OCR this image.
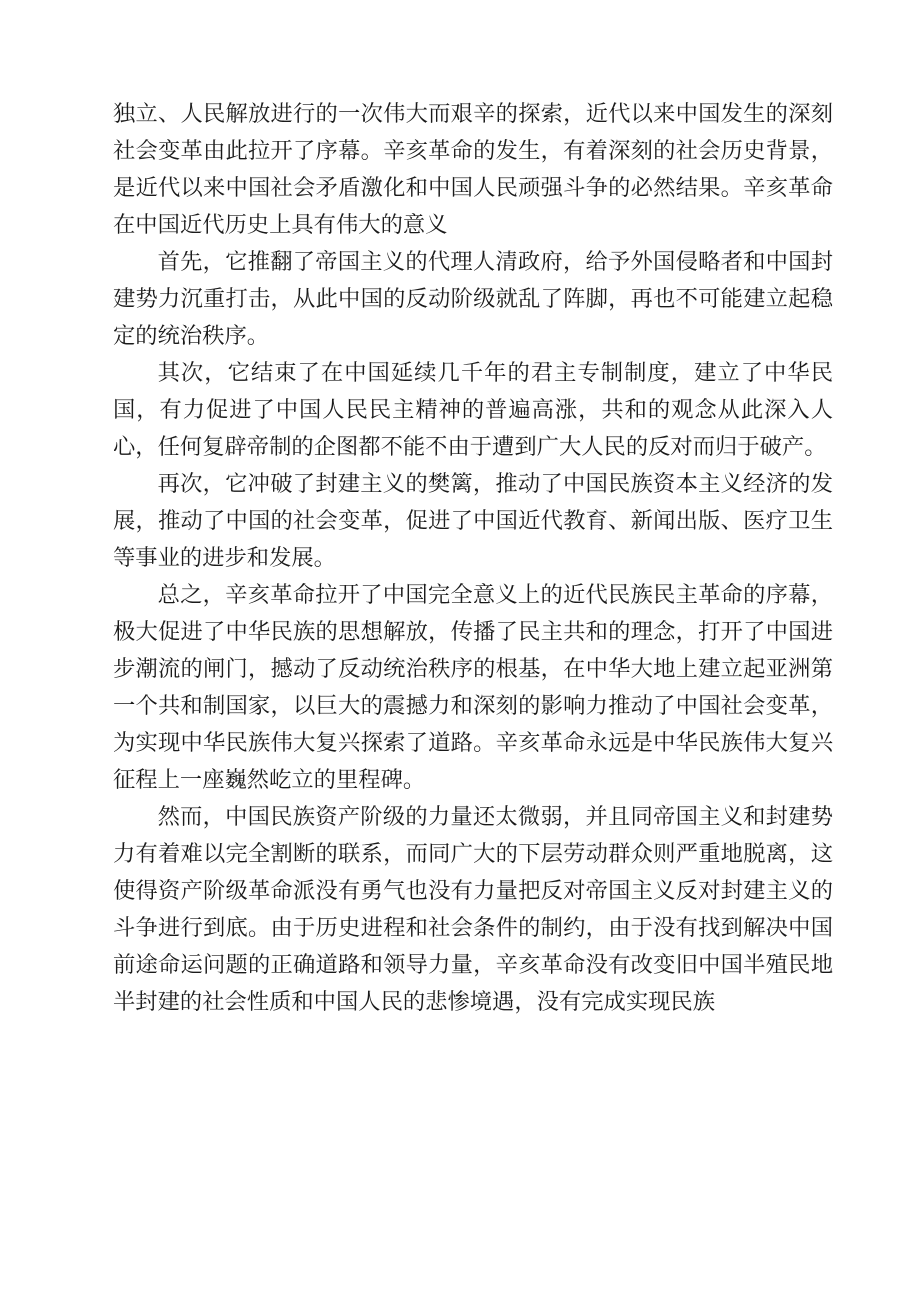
独立、人民解放进行的一次伟大而艰辛的探索，近代以来中国发生的深刻社会变革由此拉开了序幕。辛亥革命的发生，有着深刻的社会历史背景，是近代以来中国社会矛盾激化和中国人民顽强斗争的必然结果。辛亥革命在中国近代历史上具有伟大的意义

首先，它推翻了帝国主义的代理人清政府，给予外国侵略者和中国封建势力沉重打击，从此中国的反动阶级就乱了阵脚，再也不可能建立起稳定的统治秩序。

其次，它结束了在中国延续几千年的君主专制制度，建立了中华民国，有力促进了中国人民民主精神的普遍高涨，共和的观念从此深入人心，任何复辟帝制的企图都不能不由于遭到广大人民的反对而归于破产。

再次，它冲破了封建主义的樊篱，推动了中国民族资本主义经济的发展，推动了中国的社会变革，促进了中国近代教育、新闻出版、医疗卫生等事业的进步和发展。

总之，辛亥革命拉开了中国完全意义上的近代民族民主革命的序幕，极大促进了中华民族的思想解放，传播了民主共和的理念，打开了中国进步潮流的闸门，撼动了反动统治秩序的根基，在中华大地上建立起亚洲第一个共和制国家，以巨大的震撼力和深刻的影响力推动了中国社会变革，为实现中华民族伟大复兴探索了道路。辛亥革命永远是中华民族伟大复兴征程上一座巍然屹立的里程碑。

然而，中国民族资产阶级的力量还太微弱，并且同帝国主义和封建势力有着难以完全割断的联系，而同广大的下层劳动群众则严重地脱离，这使得资产阶级革命派没有勇气也没有力量把反对帝国主义反对封建主义的斗争进行到底。由于历史进程和社会条件的制约，由于没有找到解决中国前途命运问题的正确道路和领导力量，辛亥革命没有改变旧中国半殖民地半封建的社会性质和中国人民的悲惨境遇，没有完成实现民族
